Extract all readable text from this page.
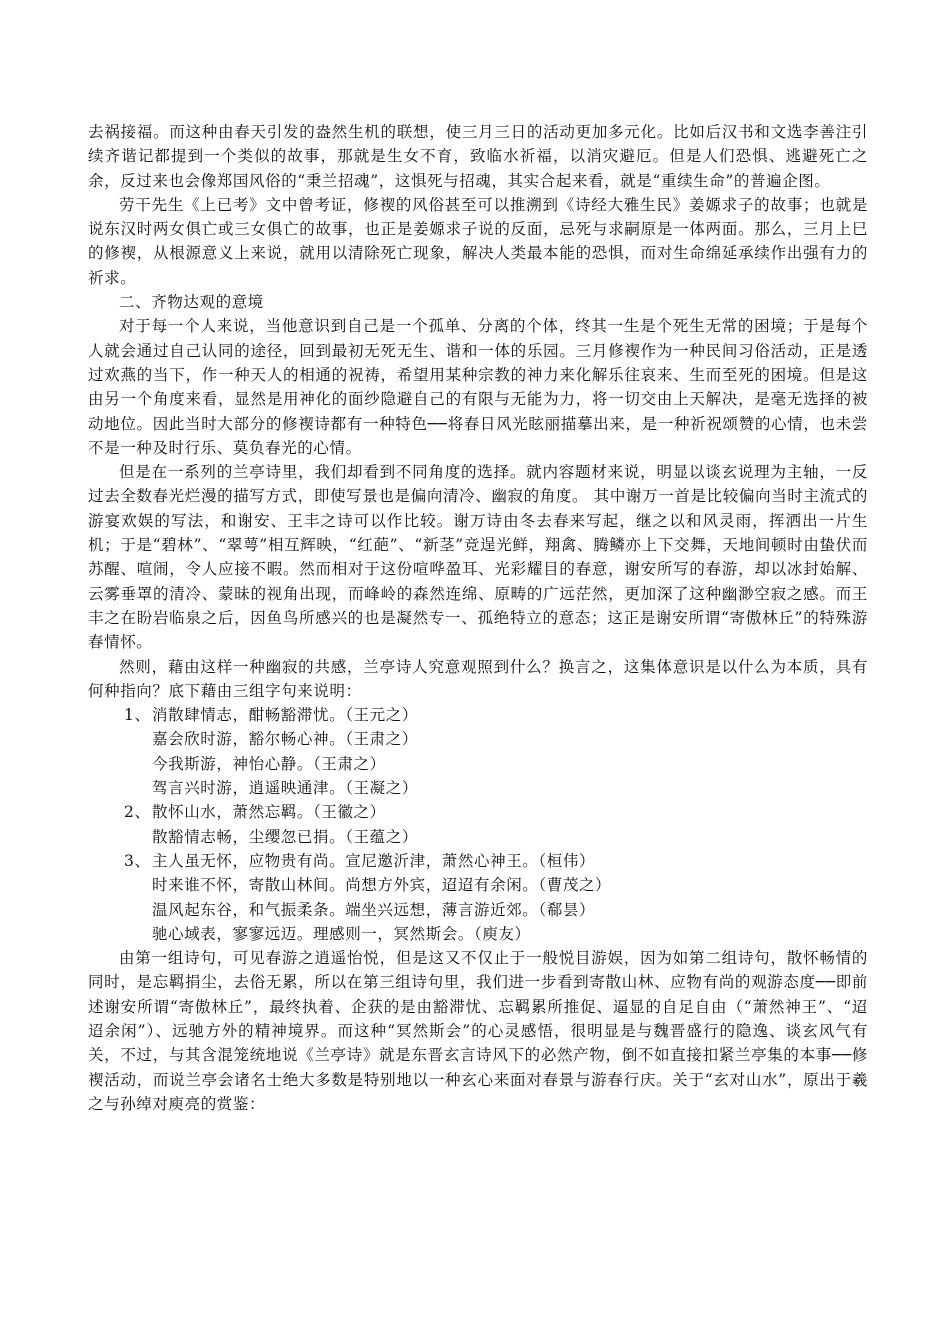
去祸接福。而这种由春天引发的盎然生机的联想，使三月三日的活动更加多元化。比如后汉书和文选李善注引续齐谐记都提到一个类似的故事，那就是生女不育，致临水祈福，以消灾避厄。但是人们恐惧、逃避死亡之余，反过来也会像郑国风俗的“秉兰招魂”，这惧死与招魂，其实合起来看，就是“重续生命”的普遍企图。

劳干先生《上已考》文中曾考证，修褉的风俗甚至可以推溯到《诗经大雅生民》姜嫄求子的故事；也就是说东汉时两女俱亡或三女俱亡的故事，也正是姜嫄求子说的反面，忌死与求嗣原是一体两面。那么，三月上巳的修褉，从根源意义上来说，就用以清除死亡现象，解决人类最本能的恐惧，而对生命绵延承续作出强有力的祈求。

二、齐物达观的意境

对于每一个人来说，当他意识到自己是一个孤单、分离的个体，终其一生是个死生无常的困境；于是每个人就会通过自己认同的途径，回到最初无死无生、谐和一体的乐园。三月修褉作为一种民间习俗活动，正是透过欢燕的当下，作一种天人的相通的祝祷，希望用某种宗教的神力来化解乐往哀来、生而至死的困境。但是这由另一个角度来看，显然是用神化的面纱隐避自己的有限与无能为力，将一切交由上天解决，是毫无选择的被动地位。因此当时大部分的修褉诗都有一种特色──将春日风光眩丽描摹出来，是一种祈祝颂赞的心情，也未尝不是一种及时行乐、莫负春光的心情。

但是在一系列的兰亭诗里，我们却看到不同角度的选择。就内容题材来说，明显以谈玄说理为主轴，一反过去全数春光烂漫的描写方式，即使写景也是偏向清冷、幽寂的角度。 其中谢万一首是比较偏向当时主流式的游宴欢娱的写法，和谢安、王丰之诗可以作比较。谢万诗由冬去春来写起，继之以和风灵雨，挥洒出一片生机；于是“碧林”、“翠萼”相互辉映，“红葩”、“新茎”竞逞光鲜，翔禽、腾鳞亦上下交舞，天地间顿时由蛰伏而苏醒、喧闹，令人应接不暇。然而相对于这份喧哗盈耳、光彩耀目的春意，谢安所写的春游，却以冰封始解、云雾垂罩的清冷、蒙昧的视角出现，而峰岭的森然连绵、原畴的广远茫然，更加深了这种幽渺空寂之感。而王丰之在盼岩临泉之后，因鱼鸟所感兴的也是凝然专一、孤绝特立的意态；这正是谢安所谓“寄傲林丘”的特殊游春情怀。

然则，藉由这样一种幽寂的共感，兰亭诗人究意观照到什么？换言之，这集体意识是以什么为本质，具有何种指向？底下藉由三组字句来说明：

1、消散肆情志，酣畅豁滞忧。（王元之）

嘉会欣时游，豁尔畅心神。（王肃之）

今我斯游，神怡心静。（王肃之）

驾言兴时游，逍遥映通津。（王凝之）

2、散怀山水，萧然忘羁。（王徽之）

散豁情志畅，尘缨忽已捐。（王蕴之）

3、主人虽无怀，应物贵有尚。宣尼邀沂津，萧然心神王。（桓伟）

时来谁不怀，寄散山林间。尚想方外宾，迢迢有余闲。（曹茂之）

温风起东谷，和气振柔条。端坐兴远想，薄言游近郊。（郗昙）

驰心域表，寥寥远迈。理感则一，冥然斯会。（庾友）

由第一组诗句，可见春游之逍遥怡悦，但是这又不仅止于一般悦目游娱，因为如第二组诗句，散怀畅情的同时，是忘羁捐尘，去俗无累，所以在第三组诗句里，我们进一步看到寄散山林、应物有尚的观游态度──即前述谢安所谓“寄傲林丘”，最终执着、企获的是由豁滞忧、忘羁累所推促、逼显的自足自由（“萧然神王”、“迢迢余闲”）、远驰方外的精神境界。而这种“冥然斯会”的心灵感悟，很明显是与魏晋盛行的隐逸、谈玄风气有关，不过，与其含混笼统地说《兰亭诗》就是东晋玄言诗风下的必然产物，倒不如直接扣紧兰亭集的本事──修褉活动，而说兰亭会诸名士绝大多数是特别地以一种玄心来面对春景与游春行庆。关于“玄对山水”，原出于羲之与孙绰对庾亮的赏鉴：
